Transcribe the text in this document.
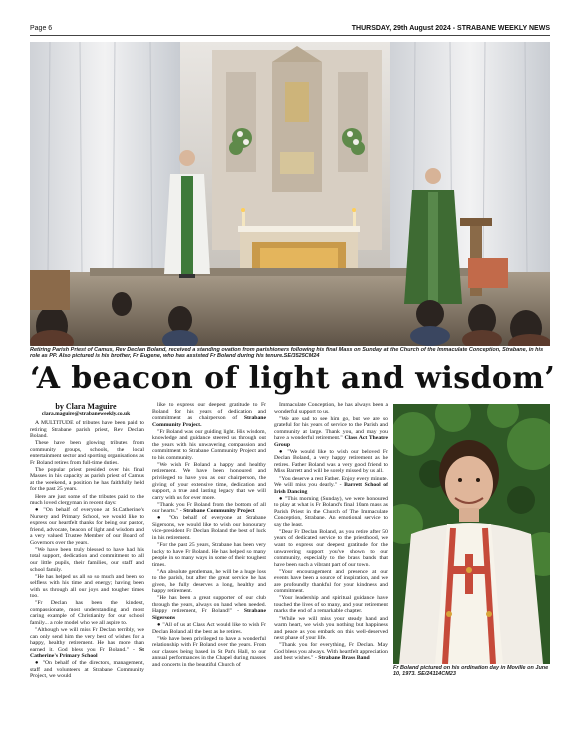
Page 6	THURSDAY, 29th August 2024 - STRABANE WEEKLY NEWS
Retiring Parish Priest of Camus, Rev Declan Boland, received a standing ovation from parishioners following his final Mass on Sunday at the Church of the Immaculate Conception, Strabane, in his role as PP. Also pictured is his brother, Fr Eugene, who has assisted Fr Boland during his tenure.SE/3525CM24
‘A beacon of light and wisdom’
by Clara Maguire
clara.maguire@strabaneweekly.co.uk

A MULTITUDE of tributes have been paid to retiring Strabane parish priest, Rev Declan Boland.

These have been glowing tributes from community groups, schools, the local entertainment sector and sporting organisations as Fr Boland retires from full-time duties.

The popular priest presided over his final Masses in his capacity as parish priest of Camus at the weekend, a position he has faithfully held for the past 25 years.

Here are just some of the tributes paid to the much loved clergyman in recent days:

● "On behalf of everyone at St.Catherine's Nursery and Primary School, we would like to express our heartfelt thanks for being our pastor, friend, advocate, beacon of light and wisdom and a very valued Trustee Member of our Board of Governors over the years.

"We have been truly blessed to have had his total support, dedication and commitment to all our little pupils, their families, our staff and school family.

"He has helped us all so so much and been so selfless with his time and energy; having been with us through all our joys and tougher times too.

"Fr Declan has been the kindest, compassionate, most understanding and most caring example of Christianity for our school family... a role model who we all aspire to.

"Although we will miss Fr Declan terribly, we can only send him the very best of wishes for a happy, healthy retirement. He has more than earned it. God bless you Fr Boland." - St Catherine's Primary School

● "On behalf of the directors, management, staff and volunteers at Strabane Community Project, we would

like to express our deepest gratitude to Fr Boland for his years of dedication and commitment as chairperson of Strabane Community Project.

"Fr Boland was our guiding light. His wisdom, knowledge and guidance steered us through out the years with his unwavering compassion and commitment to Strabane Community Project and to his community.

"We wish Fr Boland a happy and healthy retirement. We have been honoured and privileged to have you as our chairperson, the giving of your extensive time, dedication and support, a true and lasting legacy that we will carry with us for ever more.

"Thank you Fr Boland from the bottom of all our hearts." - Strabane Community Project

● "On behalf of everyone at Strabane Sigersons, we would like to wish our honourary vice-president Fr Declan Boland the best of luck in his retirement.

"For the past 25 years, Strabane has been very lucky to have Fr Boland. He has helped so many people in so many ways in some of their toughest times.

"An absolute gentleman, he will be a huge loss to the parish, but after the great service he has given, he fully deserves a long, healthy and happy retirement.

"He has been a great supporter of our club through the years, always on hand when needed. Happy retirement, Fr Boland!" - Strabane Sigersons

● "All of us at Class Act would like to wish Fr Declan Boland all the best as he retires.

"We have been privileged to have a wonderful relationship with Fr Boland over the years. From our classes being based in St Pat's Hall, to our annual performances in the Chapel during masses and concerts in the beautiful Church of

Immaculate Conception, he has always been a wonderful support to us.

"We are sad to see him go, but we are so grateful for his years of service to the Parish and community at large. Thank you, and may you have a wonderful retirement." Class Act Theatre Group

● "We would like to wish our beloved Fr Declan Boland, a very happy retirement as he retires. Father Boland was a very good friend to Miss Barrett and will be sorely missed by us all.

"You deserve a rest Father. Enjoy every minute. We will miss you dearly." - Barrett School of Irish Dancing

● "This morning (Sunday), we were honoured to play at what is Fr Boland's final 10am mass as Parish Priest in the Church of The Immaculate Conception, Strabane. An emotional service to say the least.

"Dear Fr Declan Boland, as you retire after 50 years of dedicated service to the priesthood, we want to express our deepest gratitude for the unwavering support you've shown to our community, especially to the brass bands that have been such a vibrant part of our town.

"Your encouragement and presence at our events have been a source of inspiration, and we are profoundly thankful for your kindness and commitment.

"Your leadership and spiritual guidance have touched the lives of so many, and your retirement marks the end of a remarkable chapter.

"While we will miss your steady hand and warm heart, we wish you nothing but happiness and peace as you embark on this well-deserved next phase of your life.

"Thank you for everything, Fr Declan. May God bless you always. With heartfelt appreciation and best wishes." - Strabane Brass Band

Fr Boland pictured on his ordination day in Moville on June 10, 1973. SE/24114CM23
